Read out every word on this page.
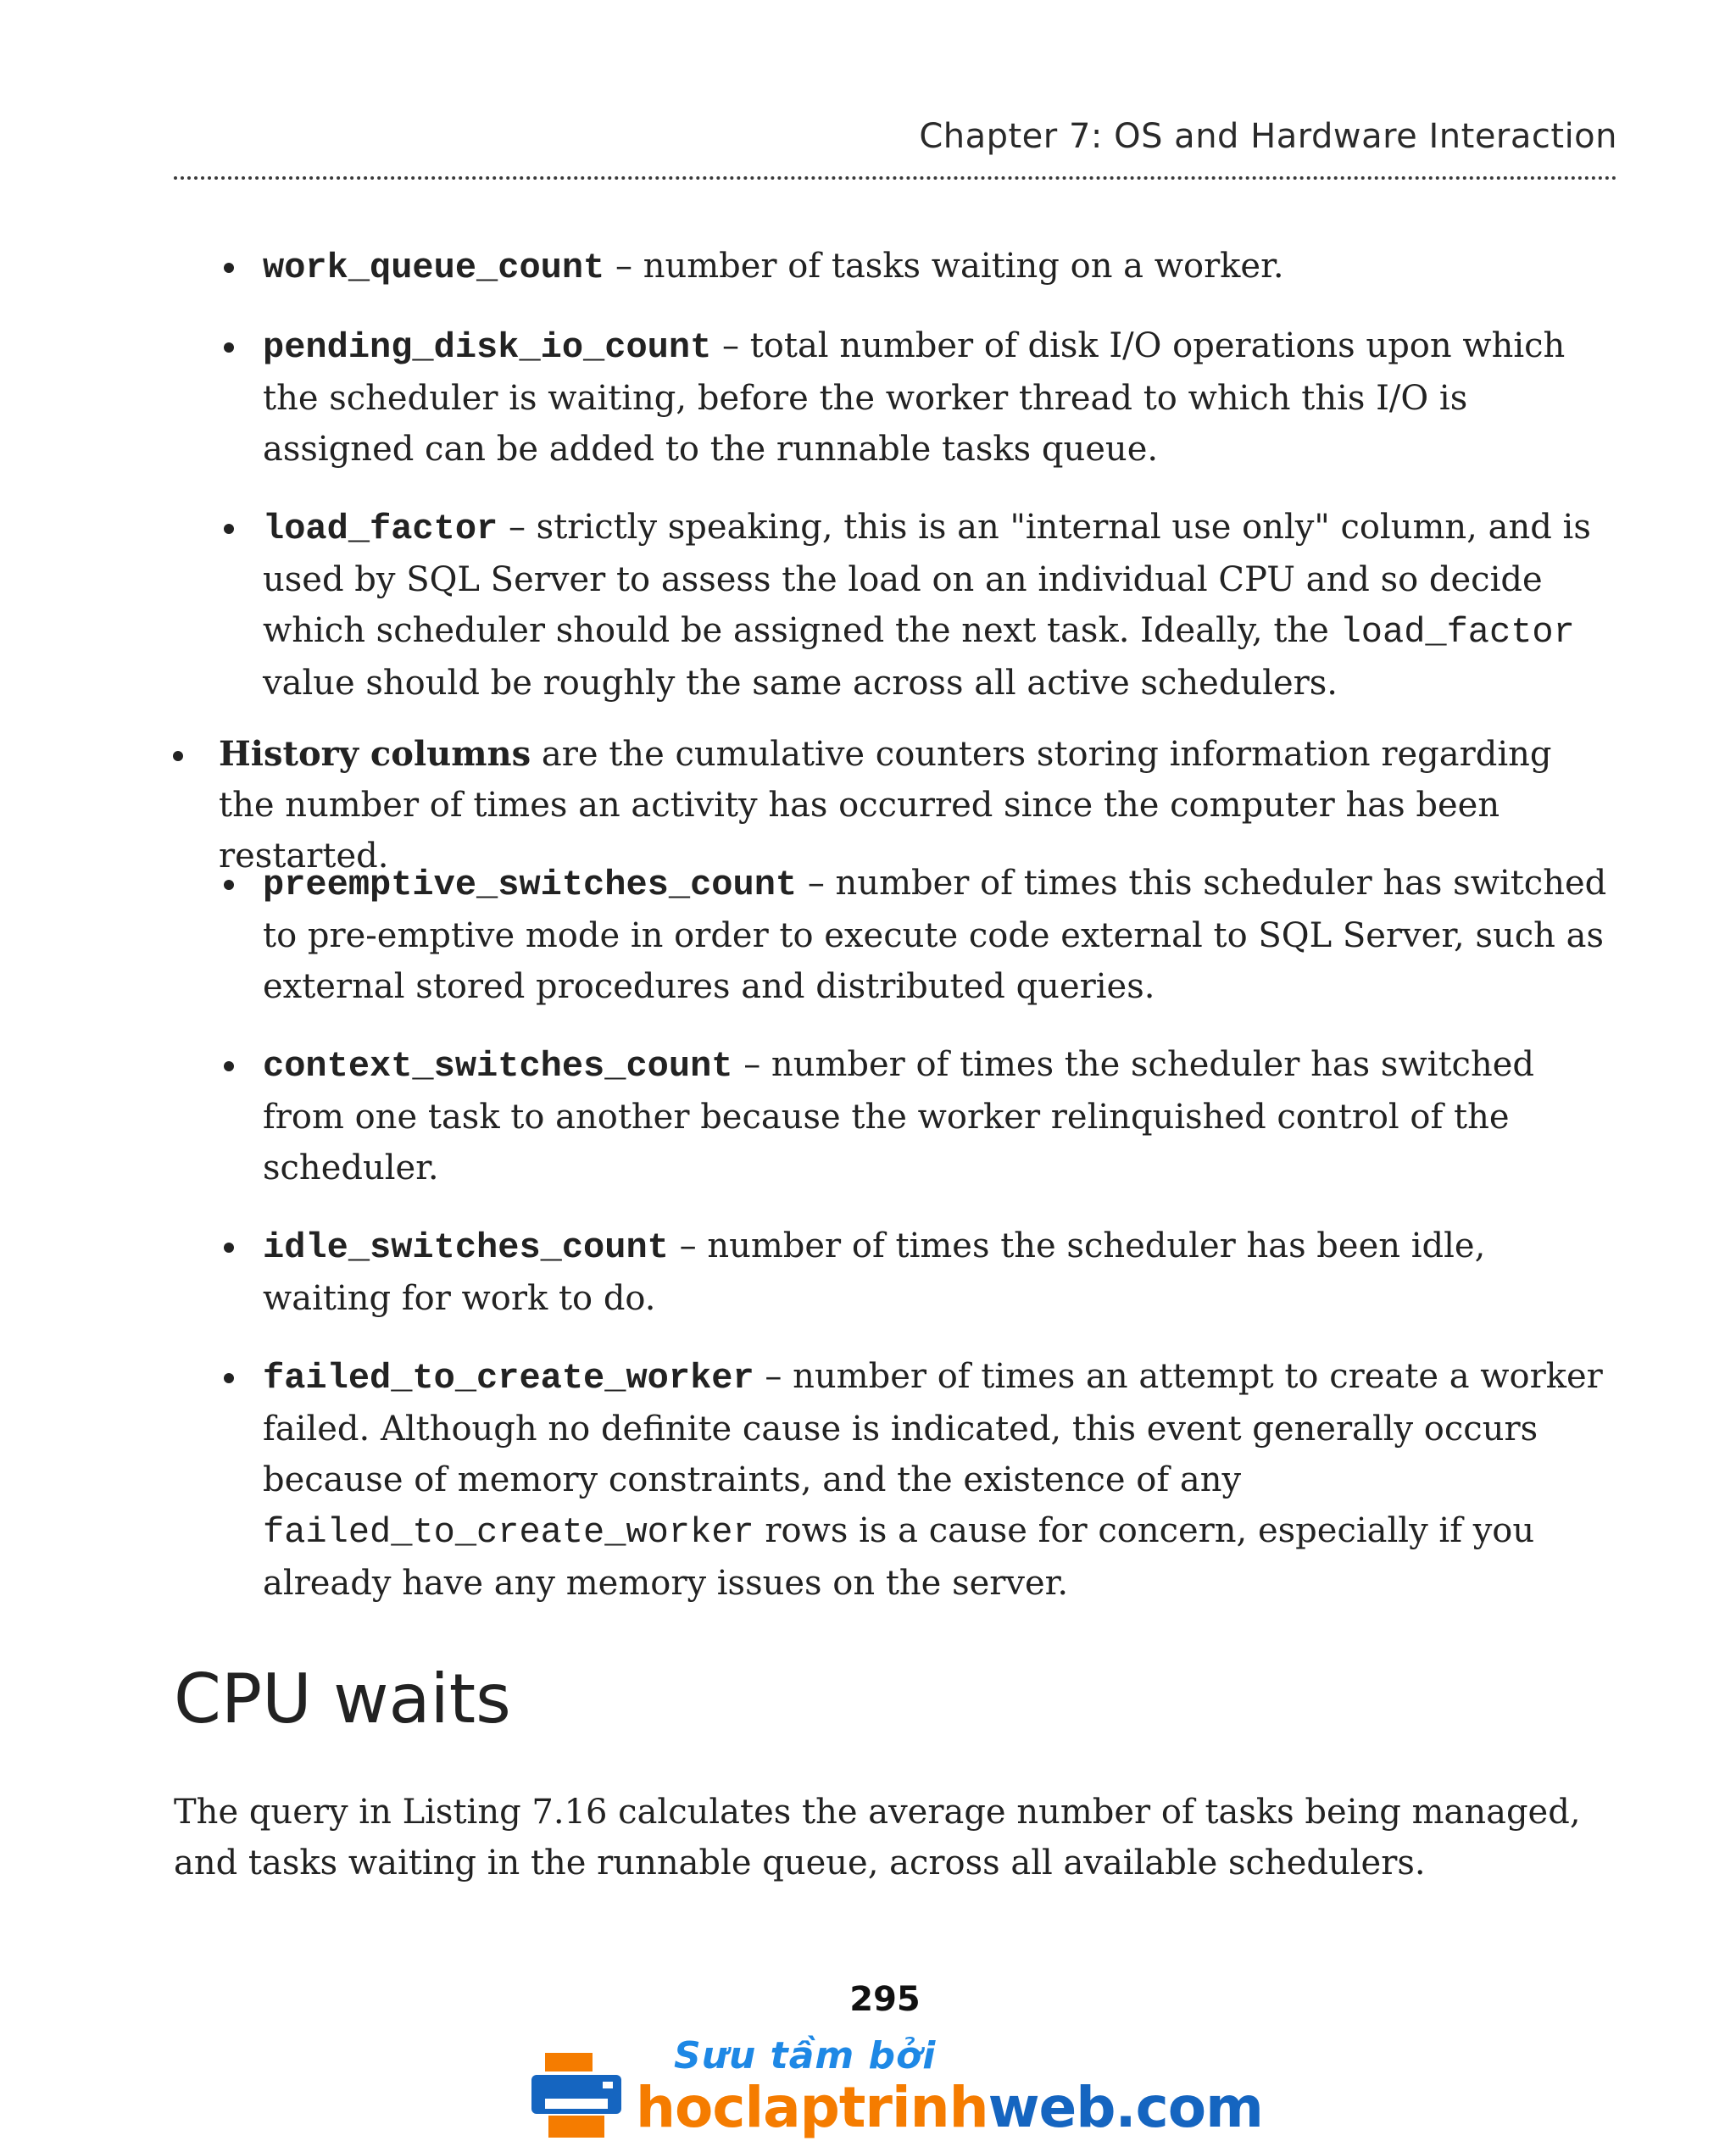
Chapter 7: OS and Hardware Interaction
work_queue_count – number of tasks waiting on a worker.
pending_disk_io_count – total number of disk I/O operations upon which the scheduler is waiting, before the worker thread to which this I/O is assigned can be added to the runnable tasks queue.
load_factor – strictly speaking, this is an "internal use only" column, and is used by SQL Server to assess the load on an individual CPU and so decide which scheduler should be assigned the next task. Ideally, the load_factor value should be roughly the same across all active schedulers.
History columns are the cumulative counters storing information regarding the number of times an activity has occurred since the computer has been restarted.
preemptive_switches_count – number of times this scheduler has switched to pre-emptive mode in order to execute code external to SQL Server, such as external stored procedures and distributed queries.
context_switches_count – number of times the scheduler has switched from one task to another because the worker relinquished control of the scheduler.
idle_switches_count – number of times the scheduler has been idle, waiting for work to do.
failed_to_create_worker – number of times an attempt to create a worker failed. Although no definite cause is indicated, this event generally occurs because of memory constraints, and the existence of any failed_to_create_worker rows is a cause for concern, especially if you already have any memory issues on the server.
CPU waits

The query in Listing 7.16 calculates the average number of tasks being managed, and tasks waiting in the runnable queue, across all available schedulers.

295
Sưu tầm bởi
hoclaptrinhweb.com
